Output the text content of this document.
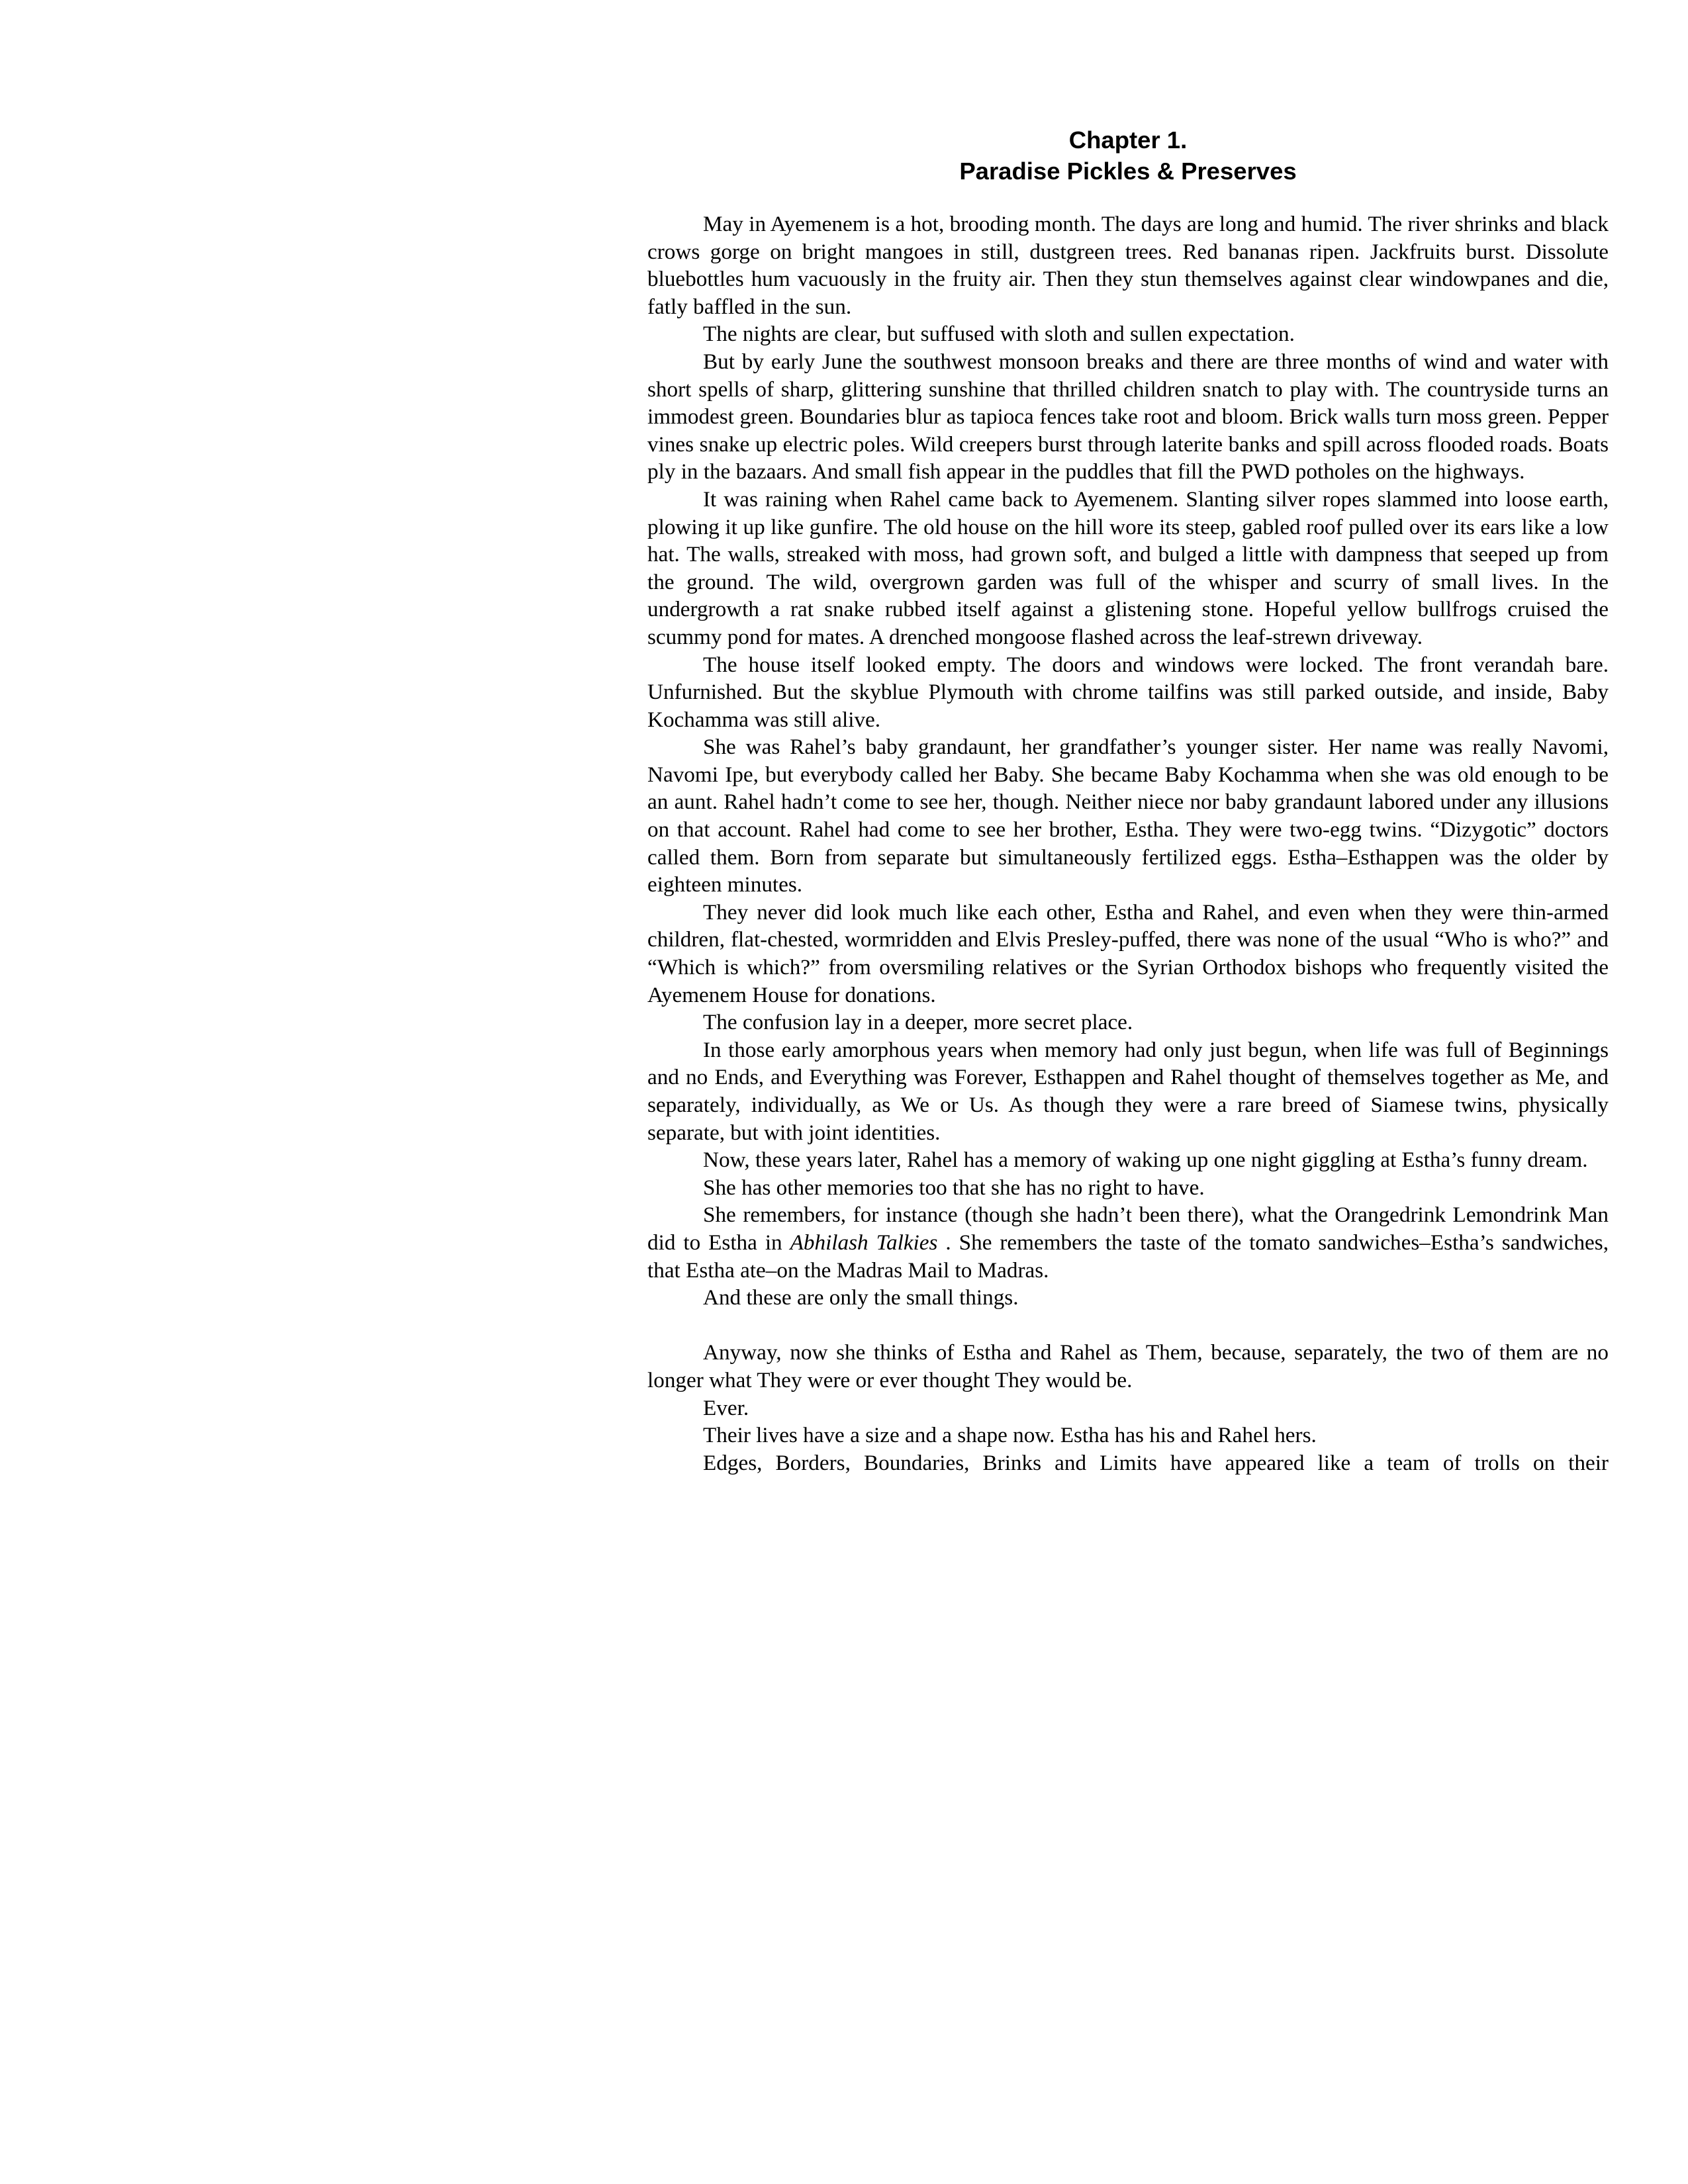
Chapter 1.
Paradise Pickles & Preserves

May in Ayemenem is a hot, brooding month. The days are long and humid. The river shrinks and black crows gorge on bright mangoes in still, dustgreen trees. Red bananas ripen. Jackfruits burst. Dissolute bluebottles hum vacuously in the fruity air. Then they stun themselves against clear windowpanes and die, fatly baffled in the sun.

The nights are clear, but suffused with sloth and sullen expectation.

But by early June the southwest monsoon breaks and there are three months of wind and water with short spells of sharp, glittering sunshine that thrilled children snatch to play with. The countryside turns an immodest green. Boundaries blur as tapioca fences take root and bloom. Brick walls turn moss green. Pepper vines snake up electric poles. Wild creepers burst through laterite banks and spill across flooded roads. Boats ply in the bazaars. And small fish appear in the puddles that fill the PWD potholes on the highways.

It was raining when Rahel came back to Ayemenem. Slanting silver ropes slammed into loose earth, plowing it up like gunfire. The old house on the hill wore its steep, gabled roof pulled over its ears like a low hat. The walls, streaked with moss, had grown soft, and bulged a little with dampness that seeped up from the ground. The wild, overgrown garden was full of the whisper and scurry of small lives. In the undergrowth a rat snake rubbed itself against a glistening stone. Hopeful yellow bullfrogs cruised the scummy pond for mates. A drenched mongoose flashed across the leaf-strewn driveway.

The house itself looked empty. The doors and windows were locked. The front verandah bare. Unfurnished. But the skyblue Plymouth with chrome tailfins was still parked outside, and inside, Baby Kochamma was still alive.

She was Rahel’s baby grandaunt, her grandfather’s younger sister. Her name was really Navomi, Navomi Ipe, but everybody called her Baby. She became Baby Kochamma when she was old enough to be an aunt. Rahel hadn’t come to see her, though. Neither niece nor baby grandaunt labored under any illusions on that account. Rahel had come to see her brother, Estha. They were two-egg twins. “Dizygotic” doctors called them. Born from separate but simultaneously fertilized eggs. Estha–Esthappen was the older by eighteen minutes.

They never did look much like each other, Estha and Rahel, and even when they were thin-armed children, flat-chested, wormridden and Elvis Presley-puffed, there was none of the usual “Who is who?” and “Which is which?” from oversmiling relatives or the Syrian Orthodox bishops who frequently visited the Ayemenem House for donations.

The confusion lay in a deeper, more secret place.

In those early amorphous years when memory had only just begun, when life was full of Beginnings and no Ends, and Everything was Forever, Esthappen and Rahel thought of themselves together as Me, and separately, individually, as We or Us. As though they were a rare breed of Siamese twins, physically separate, but with joint identities.

Now, these years later, Rahel has a memory of waking up one night giggling at Estha’s funny dream.

She has other memories too that she has no right to have.

She remembers, for instance (though she hadn’t been there), what the Orangedrink Lemondrink Man did to Estha in Abhilash Talkies . She remembers the taste of the tomato sandwiches–Estha’s sandwiches, that Estha ate–on the Madras Mail to Madras.

And these are only the small things.

Anyway, now she thinks of Estha and Rahel as Them, because, separately, the two of them are no longer what They were or ever thought They would be.

Ever.

Their lives have a size and a shape now. Estha has his and Rahel hers.

Edges, Borders, Boundaries, Brinks and Limits have appeared like a team of trolls on their
